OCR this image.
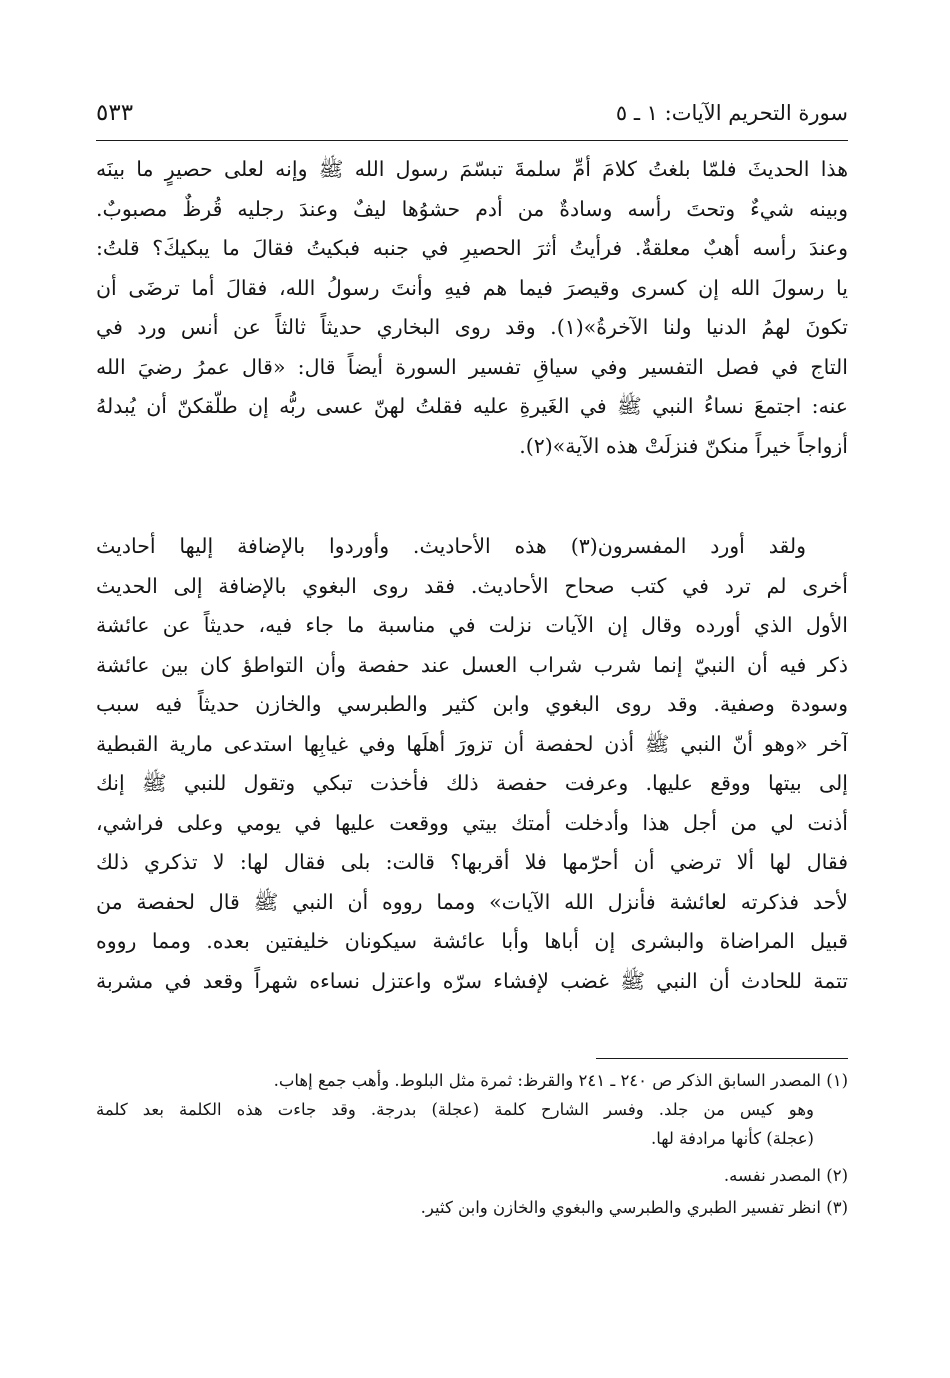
سورة التحريم الآيات: ١ ـ ٥
٥٣٣
هذا الحديثَ فلمّا بلغتُ كلامَ أمِّ سلمةَ تبسّمَ رسول الله ﷺ وإنه لعلى حصيرٍ ما بينَه
وبينه شيءٌ وتحتَ رأسه وسادةٌ من أدم حشوُها ليفٌ وعندَ رجليه قُرظٌ مصبوبٌ.
وعندَ رأسه أهبٌ معلقةٌ. فرأيتُ أثرَ الحصيرِ في جنبه فبكيتُ فقالَ ما يبكيكَ؟ قلتُ:
يا رسولَ الله إن كسرى وقيصرَ فيما هم فيهِ وأنتَ رسولُ الله، فقالَ أما ترضَى أن
تكونَ لهمُ الدنيا ولنا الآخرةُ»(١). وقد روى البخاري حديثاً ثالثاً عن أنس ورد في
التاج في فصل التفسير وفي سياقِ تفسير السورة أيضاً قال: «قال عمرُ رضيَ الله
عنه: اجتمعَ نساءُ النبي ﷺ في الغَيرةِ عليه فقلتُ لهنّ عسى ربُّه إن طلّقكنّ أن يُبدلهُ
أزواجاً خيراً منكنّ فنزلَتْ هذه الآية»(٢).
ولقد أورد المفسرون(٣) هذه الأحاديث. وأوردوا بالإضافة إليها أحاديث
أخرى لم ترد في كتب صحاح الأحاديث. فقد روى البغوي بالإضافة إلى الحديث
الأول الذي أورده وقال إن الآيات نزلت في مناسبة ما جاء فيه، حديثاً عن عائشة
ذكر فيه أن النبيّ إنما شرب شراب العسل عند حفصة وأن التواطؤ كان بين عائشة
وسودة وصفية. وقد روى البغوي وابن كثير والطبرسي والخازن حديثاً فيه سبب
آخر «وهو أنّ النبي ﷺ أذن لحفصة أن تزورَ أهلَها وفي غيابِها استدعى مارية القبطية
إلى بيتها ووقع عليها. وعرفت حفصة ذلك فأخذت تبكي وتقول للنبي ﷺ إنك
أذنت لي من أجل هذا وأدخلت أمتك بيتي ووقعت عليها في يومي وعلى فراشي،
فقال لها ألا ترضي أن أحرّمها فلا أقربها؟ قالت: بلى فقال لها: لا تذكري ذلك
لأحد فذكرته لعائشة فأنزل الله الآيات» ومما رووه أن النبي ﷺ قال لحفصة من
قبيل المراضاة والبشرى إن أباها وأبا عائشة سيكونان خليفتين بعده. ومما رووه
تتمة للحادث أن النبي ﷺ غضب لإفشاء سرّه واعتزل نساءه شهراً وقعد في مشربة
(١) المصدر السابق الذكر ص ٢٤٠ ـ ٢٤١ والقرظ: ثمرة مثل البلوط. وأهب جمع إهاب.
وهو كيس من جلد. وفسر الشارح كلمة (عجلة) بدرجة. وقد جاءت هذه الكلمة بعد كلمة
(عجلة) كأنها مرادفة لها.
(٢) المصدر نفسه.
(٣) انظر تفسير الطبري والطبرسي والبغوي والخازن وابن كثير.
